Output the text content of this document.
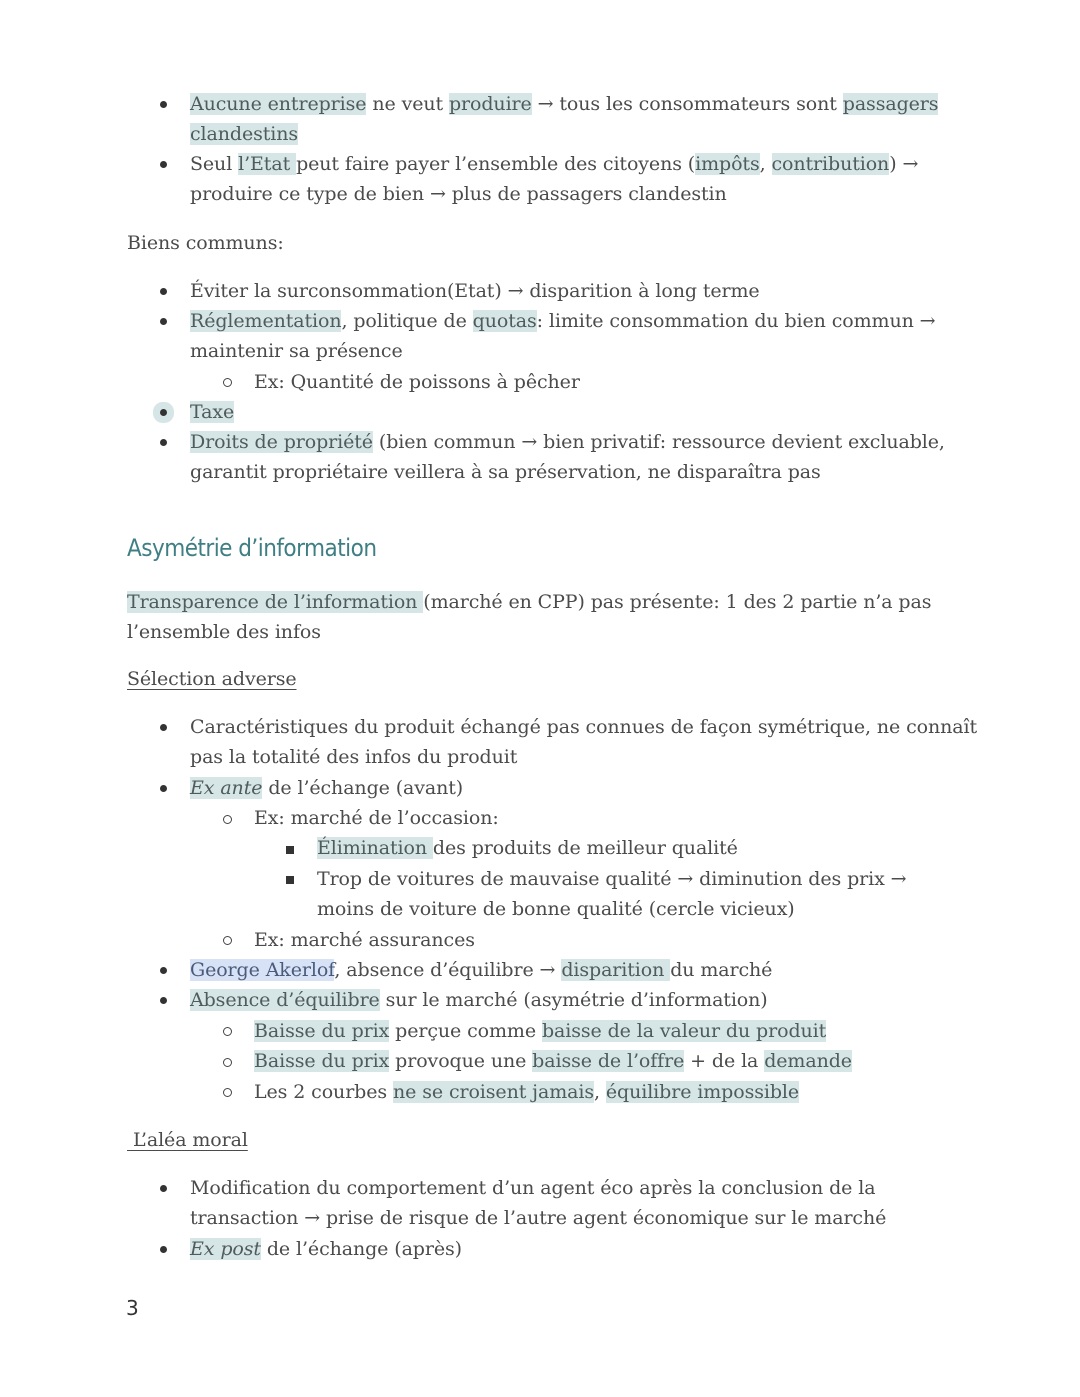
Aucune entreprise ne veut produire → tous les consommateurs sont passagers
clandestins
Seul l’Etat peut faire payer l’ensemble des citoyens (impôts, contribution) →
produire ce type de bien → plus de passagers clandestin
Biens communs:
Éviter la surconsommation(Etat) → disparition à long terme
Réglementation, politique de quotas: limite consommation du bien commun →
maintenir sa présence
Ex: Quantité de poissons à pêcher
Taxe
Droits de propriété (bien commun → bien privatif: ressource devient excluable,
garantit propriétaire veillera à sa préservation, ne disparaîtra pas
Asymétrie d’information
Transparence de l’information (marché en CPP) pas présente: 1 des 2 partie n’a pas
l’ensemble des infos
Sélection adverse
Caractéristiques du produit échangé pas connues de façon symétrique, ne connaît
pas la totalité des infos du produit
Ex ante de l’échange (avant)
Ex: marché de l’occasion:
Élimination des produits de meilleur qualité
Trop de voitures de mauvaise qualité → diminution des prix →
moins de voiture de bonne qualité (cercle vicieux)
Ex: marché assurances
George Akerlof, absence d’équilibre → disparition du marché
Absence d’équilibre sur le marché (asymétrie d’information)
Baisse du prix perçue comme baisse de la valeur du produit
Baisse du prix provoque une baisse de l’offre + de la demande
Les 2 courbes ne se croisent jamais, équilibre impossible
L’aléa moral
Modification du comportement d’un agent éco après la conclusion de la
transaction → prise de risque de l’autre agent économique sur le marché
Ex post de l’échange (après)
3
